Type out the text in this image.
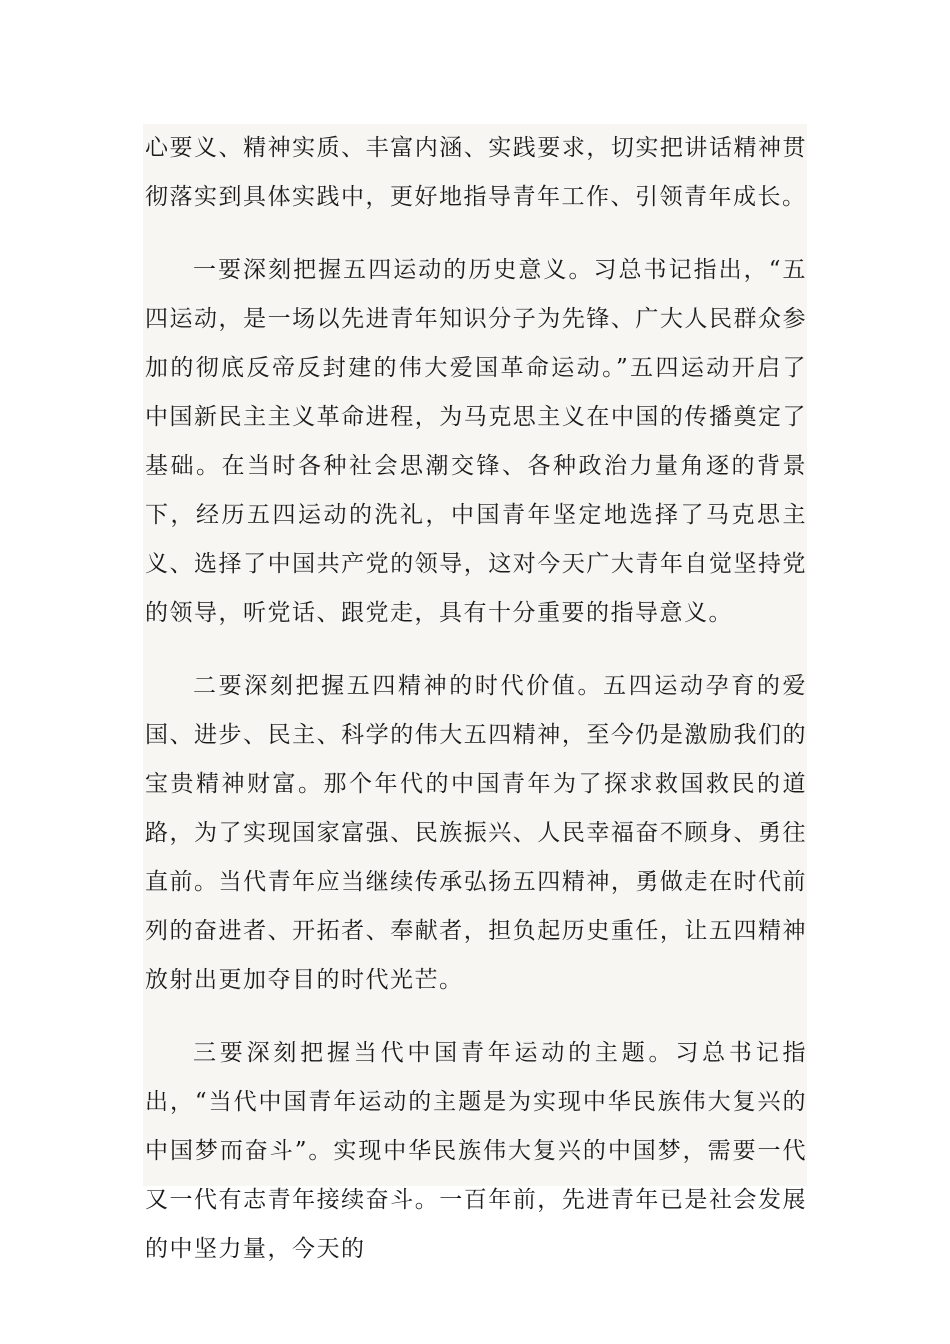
心要义、精神实质、丰富内涵、实践要求，切实把讲话精神贯彻落实到具体实践中，更好地指导青年工作、引领青年成长。

一要深刻把握五四运动的历史意义。习总书记指出，“五四运动，是一场以先进青年知识分子为先锋、广大人民群众参加的彻底反帝反封建的伟大爱国革命运动。”五四运动开启了中国新民主主义革命进程，为马克思主义在中国的传播奠定了基础。在当时各种社会思潮交锋、各种政治力量角逐的背景下，经历五四运动的洗礼，中国青年坚定地选择了马克思主义、选择了中国共产党的领导，这对今天广大青年自觉坚持党的领导，听党话、跟党走，具有十分重要的指导意义。

二要深刻把握五四精神的时代价值。五四运动孕育的爱国、进步、民主、科学的伟大五四精神，至今仍是激励我们的宝贵精神财富。那个年代的中国青年为了探求救国救民的道路，为了实现国家富强、民族振兴、人民幸福奋不顾身、勇往直前。当代青年应当继续传承弘扬五四精神，勇做走在时代前列的奋进者、开拓者、奉献者，担负起历史重任，让五四精神放射出更加夺目的时代光芒。

三要深刻把握当代中国青年运动的主题。习总书记指出，“当代中国青年运动的主题是为实现中华民族伟大复兴的中国梦而奋斗”。实现中华民族伟大复兴的中国梦，需要一代又一代有志青年接续奋斗。一百年前，先进青年已是社会发展的中坚力量，今天的
